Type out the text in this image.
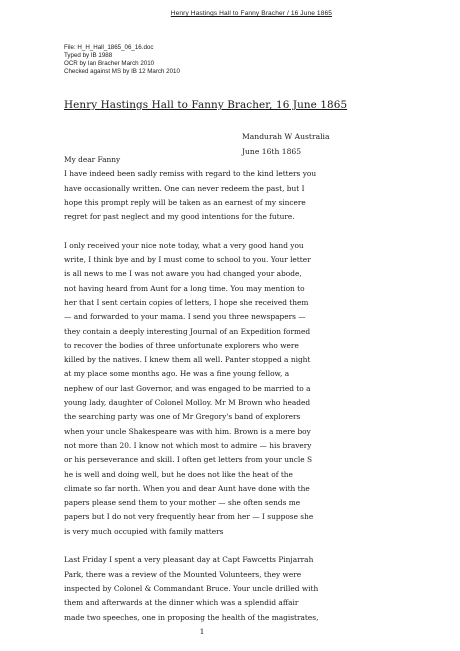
Henry Hastings Hall to Fanny Bracher / 16 June 1865
File: H_H_Hall_1865_06_16.doc
Typed by IB 1988
OCR by Ian Bracher March 2010
Checked against MS by IB 12 March 2010
Henry Hastings Hall to Fanny Bracher, 16 June 1865
Mandurah W Australia
June 16th 1865
My dear Fanny
I have indeed been sadly remiss with regard to the kind letters you
have occasionally written. One can never redeem the past, but I
hope this prompt reply will be taken as an earnest of my sincere
regret for past neglect and my good intentions for the future.
I only received your nice note today, what a very good hand you
write, I think bye and by I must come to school to you. Your letter
is all news to me I was not aware you had changed your abode,
not having heard from Aunt for a long time. You may mention to
her that I sent certain copies of letters, I hope she received them
— and forwarded to your mama. I send you three newspapers —
they contain a deeply interesting Journal of an Expedition formed
to recover the bodies of three unfortunate explorers who were
killed by the natives. I knew them all well. Panter stopped a night
at my place some months ago. He was a fine young fellow, a
nephew of our last Governor, and was engaged to be married to a
young lady, daughter of Colonel Molloy. Mr M Brown who headed
the searching party was one of Mr Gregory's band of explorers
when your uncle Shakespeare was with him. Brown is a mere boy
not more than 20. I know not which most to admire — his bravery
or his perseverance and skill. I often get letters from your uncle S
he is well and doing well, but he does not like the heat of the
climate so far north. When you and dear Aunt have done with the
papers please send them to your mother — she often sends me
papers but I do not very frequently hear from her — I suppose she
is very much occupied with family matters
Last Friday I spent a very pleasant day at Capt Fawcetts Pinjarrah
Park, there was a review of the Mounted Volunteers, they were
inspected by Colonel & Commandant Bruce. Your uncle drilled with
them and afterwards at the dinner which was a splendid affair
made two speeches, one in proposing the health of the magistrates,
1
